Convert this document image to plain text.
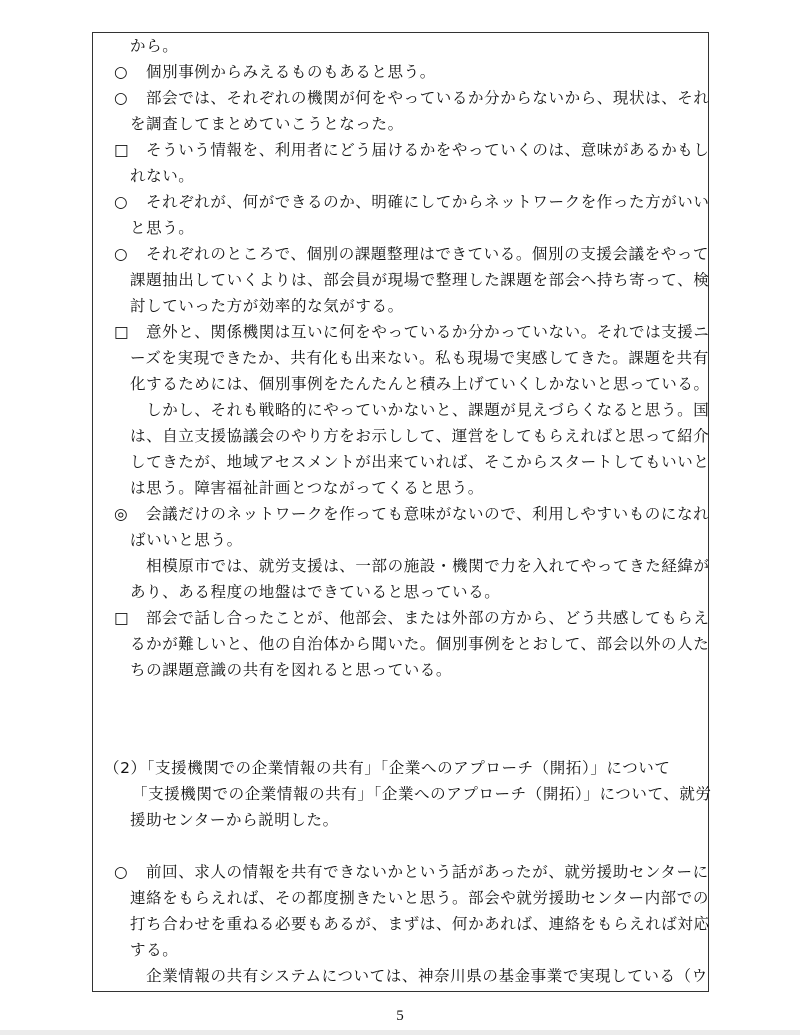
から。
○ 個別事例からみえるものもあると思う。
○ 部会では、それぞれの機関が何をやっているか分からないから、現状は、それ
を調査してまとめていこうとなった。
□ そういう情報を、利用者にどう届けるかをやっていくのは、意味があるかもし
れない。
○ それぞれが、何ができるのか、明確にしてからネットワークを作った方がいい
と思う。
○ それぞれのところで、個別の課題整理はできている。個別の支援会議をやって
課題抽出していくよりは、部会員が現場で整理した課題を部会へ持ち寄って、検
討していった方が効率的な気がする。
□ 意外と、関係機関は互いに何をやっているか分かっていない。それでは支援ニ
ーズを実現できたか、共有化も出来ない。私も現場で実感してきた。課題を共有
化するためには、個別事例をたんたんと積み上げていくしかないと思っている。
　しかし、それも戦略的にやっていかないと、課題が見えづらくなると思う。国
は、自立支援協議会のやり方をお示しして、運営をしてもらえればと思って紹介
してきたが、地域アセスメントが出来ていれば、そこからスタートしてもいいと
は思う。障害福祉計画とつながってくると思う。
◎ 会議だけのネットワークを作っても意味がないので、利用しやすいものになれ
ばいいと思う。
　相模原市では、就労支援は、一部の施設・機関で力を入れてやってきた経緯が
あり、ある程度の地盤はできていると思っている。
□ 部会で話し合ったことが、他部会、または外部の方から、どう共感してもらえ
るかが難しいと、他の自治体から聞いた。個別事例をとおして、部会以外の人た
ちの課題意識の共有を図れると思っている。
（2）「支援機関での企業情報の共有」「企業へのアプローチ（開拓）」について
「支援機関での企業情報の共有」「企業へのアプローチ（開拓）」について、就労
援助センターから説明した。
○ 前回、求人の情報を共有できないかという話があったが、就労援助センターに
連絡をもらえれば、その都度捌きたいと思う。部会や就労援助センター内部での
打ち合わせを重ねる必要もあるが、まずは、何かあれば、連絡をもらえれば対応
する。
　企業情報の共有システムについては、神奈川県の基金事業で実現している（ウ
5
